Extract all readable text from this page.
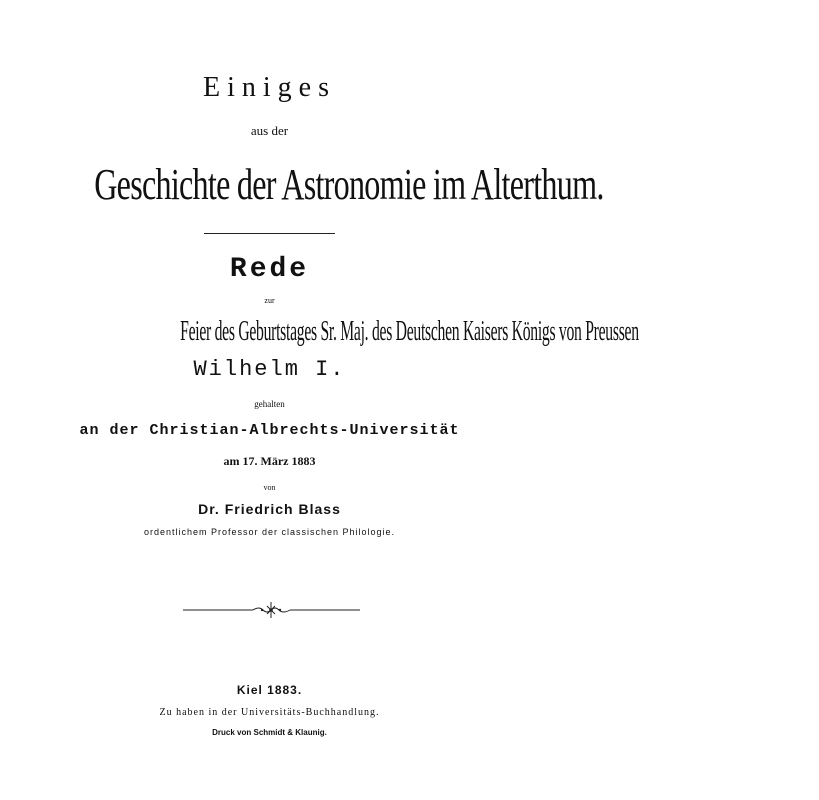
Einiges

aus der

Geschichte der Astronomie im Alterthum.

Rede

zur

Feier des Geburtstages Sr. Maj. des Deutschen Kaisers Königs von Preussen

Wilhelm I.

gehalten

an der Christian-Albrechts-Universität

am 17. März 1883

von

Dr. Friedrich Blass

ordentlichem Professor der classischen Philologie.

Kiel 1883.

Zu haben in der Universitäts-Buchhandlung.

Druck von Schmidt & Klaunig.
